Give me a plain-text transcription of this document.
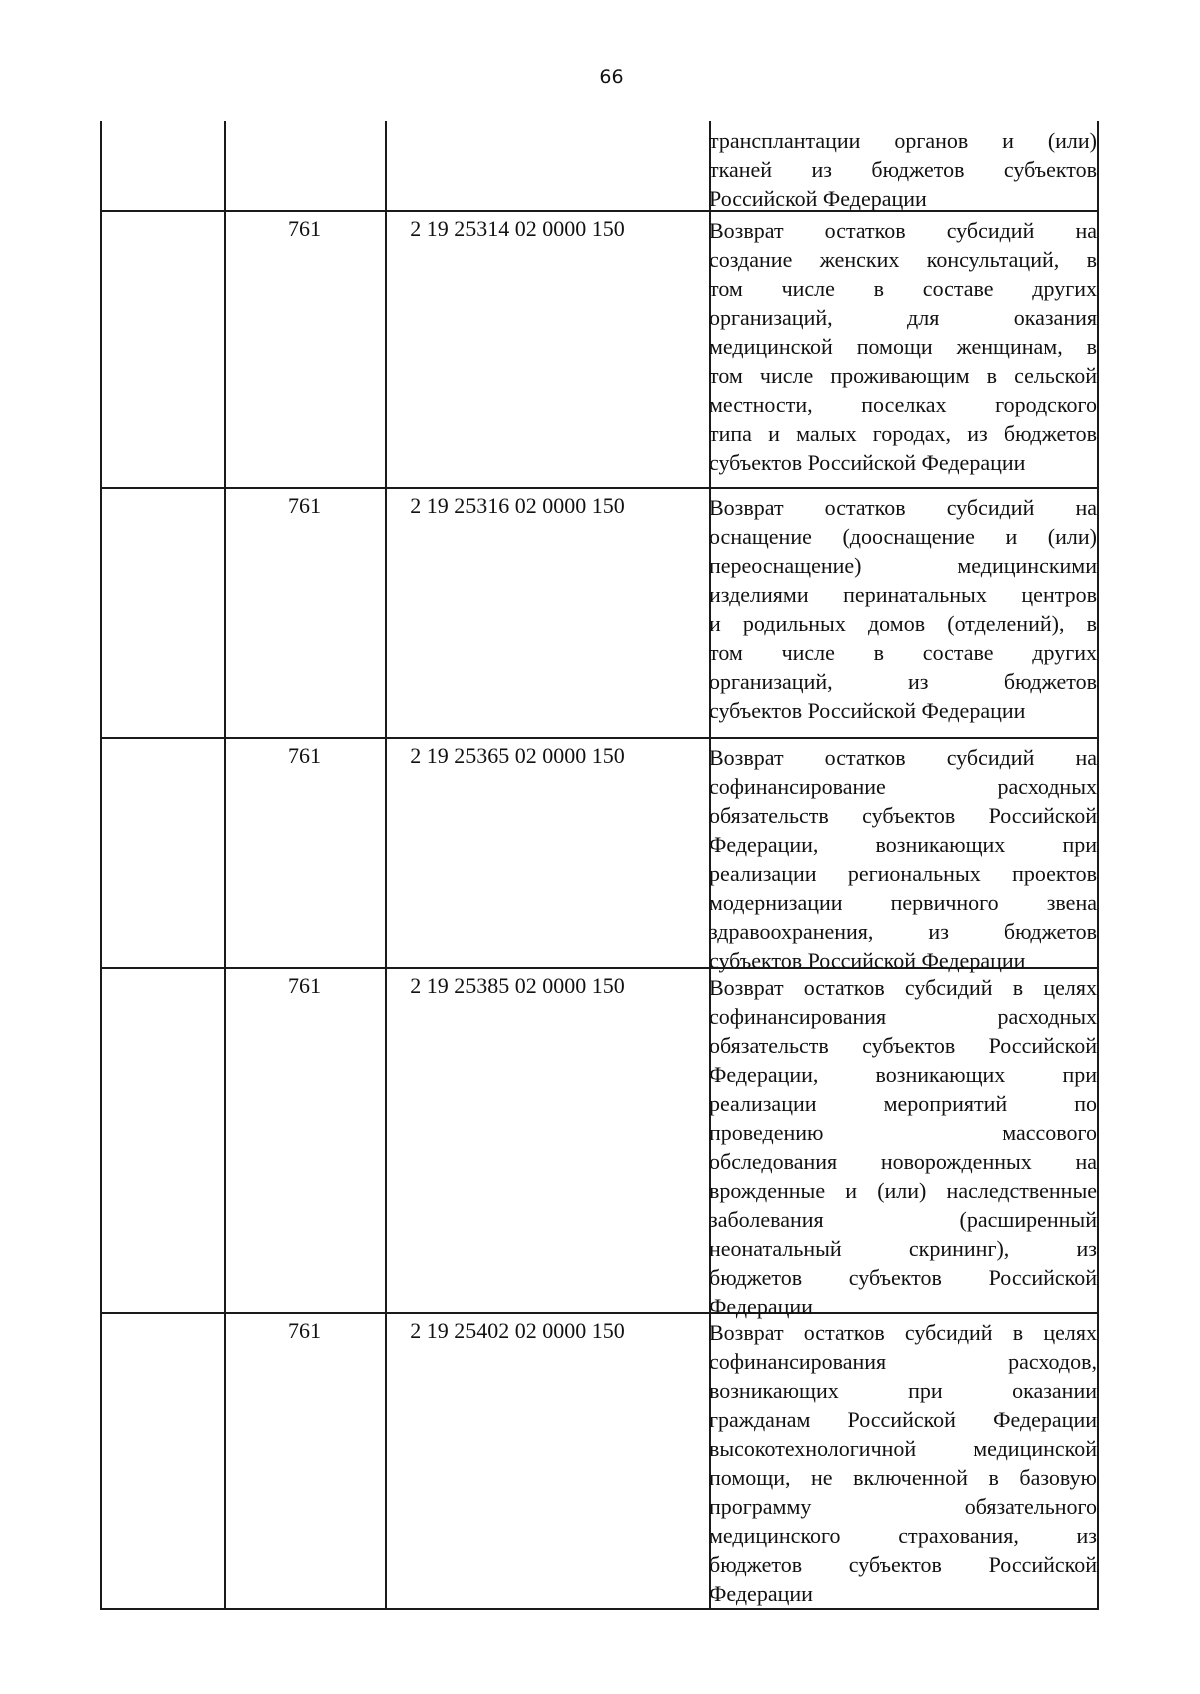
66
трансплантации органов и (или)
тканей из бюджетов субъектов
Российской Федерации
761	2 19 25314 02 0000 150	Возврат остатков субсидий на
создание женских консультаций, в
том числе в составе других
организаций, для оказания
медицинской помощи женщинам, в
том числе проживающим в сельской
местности, поселках городского
типа и малых городах, из бюджетов
субъектов Российской Федерации
761	2 19 25316 02 0000 150	Возврат остатков субсидий на
оснащение (дооснащение и (или)
переоснащение) медицинскими
изделиями перинатальных центров
и родильных домов (отделений), в
том числе в составе других
организаций, из бюджетов
субъектов Российской Федерации
761	2 19 25365 02 0000 150	Возврат остатков субсидий на
софинансирование расходных
обязательств субъектов Российской
Федерации, возникающих при
реализации региональных проектов
модернизации первичного звена
здравоохранения, из бюджетов
субъектов Российской Федерации
761	2 19 25385 02 0000 150	Возврат остатков субсидий в целях
софинансирования расходных
обязательств субъектов Российской
Федерации, возникающих при
реализации мероприятий по
проведению массового
обследования новорожденных на
врожденные и (или) наследственные
заболевания (расширенный
неонатальный скрининг), из
бюджетов субъектов Российской
Федерации
761	2 19 25402 02 0000 150	Возврат остатков субсидий в целях
софинансирования расходов,
возникающих при оказании
гражданам Российской Федерации
высокотехнологичной медицинской
помощи, не включенной в базовую
программу обязательного
медицинского страхования, из
бюджетов субъектов Российской
Федерации
